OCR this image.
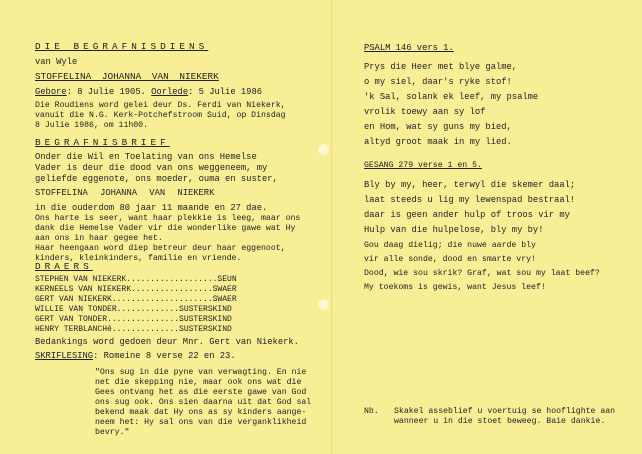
DIE BEGRAFNISDIENS
van Wyle
STOFFELINA JOHANNA VAN NIEKERK
Gebore: 8 Julie 1905. Oorlede: 5 Julie 1986
Die Roudiens word gelei deur Ds. Ferdi van Niekerk,
vanuit die N.G. Kerk-Potchefstroom Suid, op Dinsdag
8 Julie 1986, om 11h00.
BEGRAFNISBRIEF
Onder die Wil en Toelating van ons Hemelse
Vader is deur die dood van ons weggeneem, my
geliefde eggenote, ons moeder, ouma en suster,
STOFFELINA JOHANNA VAN NIEKERK
in die ouderdom 80 jaar 11 maande en 27 dae.
Ons harte is seer, want haar plekkie is leeg, maar ons
dank die Hemelse Vader vir die wonderlike gawe wat Hy
aan ons in haar gegee het.
Haar heengaan word diep betreur deur haar eggenoot,
kinders, kleinkinders, familie en vriende.
DRAERS
STEPHEN VAN NIEKERK...................SEUN
KERNEELS VAN NIEKERK.................SWAER
GERT VAN NIEKERK.....................SWAER
WILLIE VAN TONDER.............SUSTERSKIND
GERT VAN TONDER...............SUSTERSKIND
HENRY TERBLANCHé..............SUSTERSKIND
Bedankings word gedoen deur Mnr. Gert van Niekerk.
SKRIFLESING: Romeine 8 verse 22 en 23.
"Ons sug in die pyne van verwagting. En nie
net die skepping nie, maar ook ons wat die
Gees ontvang het as die eerste gawe van God
ons sug ook. Ons sien daarna uit dat God sal
bekend maak dat Hy ons as sy kinders aange-
neem het: Hy sal ons van die verganklikheid
bevry."
PSALM 146 vers 1.
Prys die Heer met blye galme,
o my siel, daar's ryke stof!
'k Sal, solank ek leef, my psalme
vrolik toewy aan sy lof
en Hom, wat sy guns my bied,
altyd groot maak in my lied.
GESANG 279 verse 1 en 5.
Bly by my, heer, terwyl die skemer daal;
laat steeds u lig my lewenspad bestraal!
daar is geen ander hulp of troos vir my
Hulp van die hulpelose, bly my by!
Gou daag dielig; die nuwe aarde bly
vir alle sonde, dood en smarte vry!
Dood, wie sou skrik? Graf, wat sou my laat beef?
My toekoms is gewis, want Jesus leef!
Nb. Skakel asseblief u voertuig se hooflighte aan
wanneer u in die stoet beweeg. Baie dankie.
